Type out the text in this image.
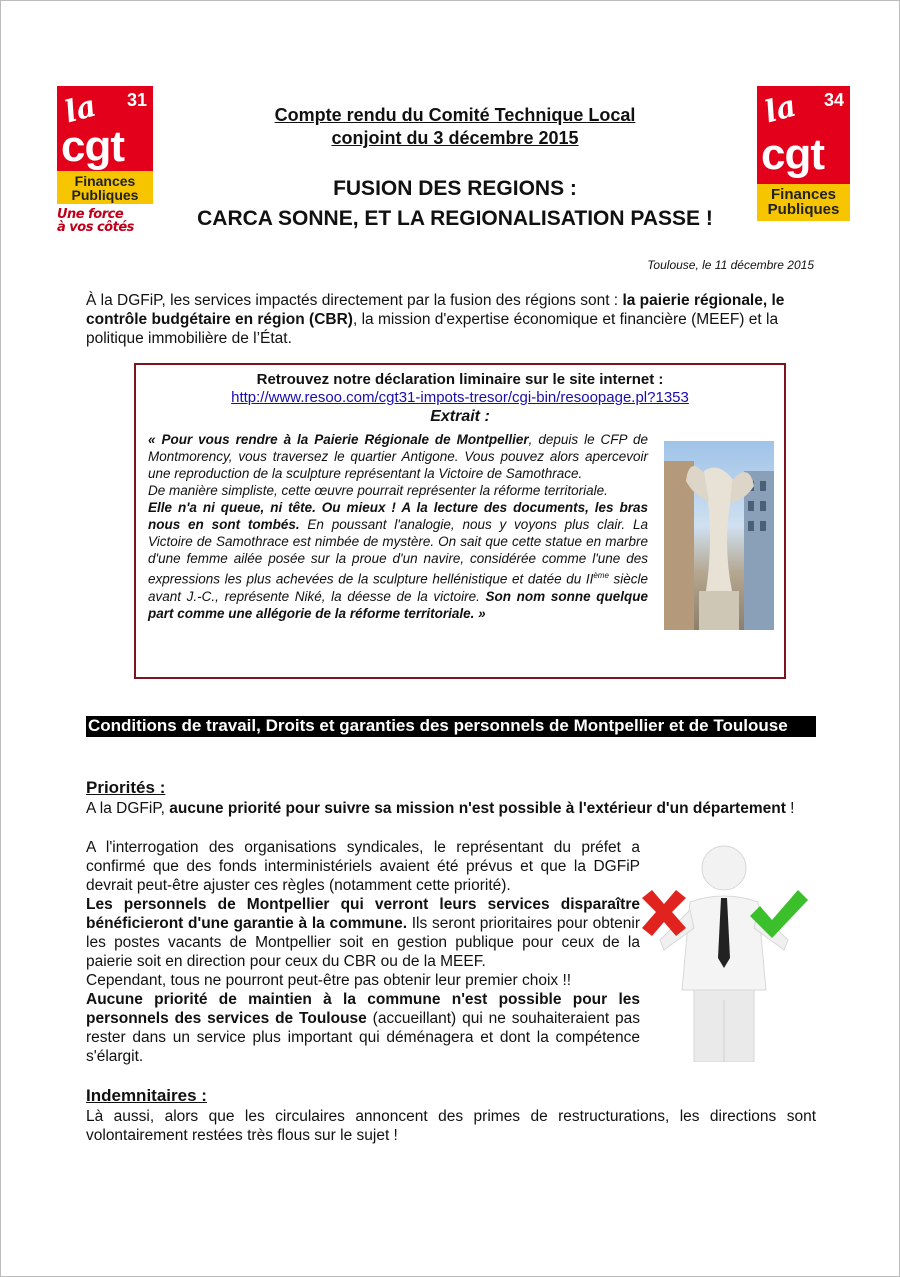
la 31
cgt
Finances
Publiques
Une force
à vos côtés
la 34
cgt
Finances
Publiques
Compte rendu du Comité Technique Local
conjoint du 3 décembre 2015
FUSION DES REGIONS :
CARCA SONNE, ET LA REGIONALISATION PASSE !
Toulouse, le 11 décembre 2015
À la DGFiP, les services impactés directement par la fusion des régions sont : la paierie régionale, le contrôle budgétaire en région (CBR), la mission d'expertise économique et financière (MEEF) et la politique immobilière de l’État.
Retrouvez notre déclaration liminaire sur le site internet :
http://www.resoo.com/cgt31-impots-tresor/cgi-bin/resoopage.pl?1353
Extrait :
« Pour vous rendre à la Paierie Régionale de Montpellier, depuis le CFP de Montmorency, vous traversez le quartier Antigone. Vous pouvez alors apercevoir une reproduction de la sculpture représentant la Victoire de Samothrace.
De manière simpliste, cette œuvre pourrait représenter la réforme territoriale.
Elle n'a ni queue, ni tête. Ou mieux ! A la lecture des documents, les bras nous en sont tombés. En poussant l'analogie, nous y voyons plus clair. La Victoire de Samothrace est nimbée de mystère. On sait que cette statue en marbre d'une femme ailée posée sur la proue d'un navire, considérée comme l'une des expressions les plus achevées de la sculpture hellénistique et datée du IIème siècle avant J.-C., représente Niké, la déesse de la victoire. Son nom sonne quelque part comme une allégorie de la réforme territoriale. »
Conditions de travail, Droits et garanties des personnels de Montpellier et de Toulouse
Priorités :
A la DGFiP, aucune priorité pour suivre sa mission n'est possible à l'extérieur d'un département !
A l'interrogation des organisations syndicales, le représentant du préfet a confirmé que des fonds interministériels avaient été prévus et que la DGFiP devrait peut-être ajuster ces règles (notamment cette priorité).
Les personnels de Montpellier qui verront leurs services disparaître bénéficieront d'une garantie à la commune. Ils seront prioritaires pour obtenir les postes vacants de Montpellier soit en gestion publique pour ceux de la paierie soit en direction pour ceux du CBR ou de la MEEF.
Cependant, tous ne pourront peut-être pas obtenir leur premier choix !!
Aucune priorité de maintien à la commune n'est possible pour les personnels des services de Toulouse (accueillant) qui ne souhaiteraient pas rester dans un service plus important qui déménagera et dont la compétence s'élargit.
Indemnitaires :
Là aussi, alors que les circulaires annoncent des primes de restructurations, les directions sont volontairement restées très flous sur le sujet !
